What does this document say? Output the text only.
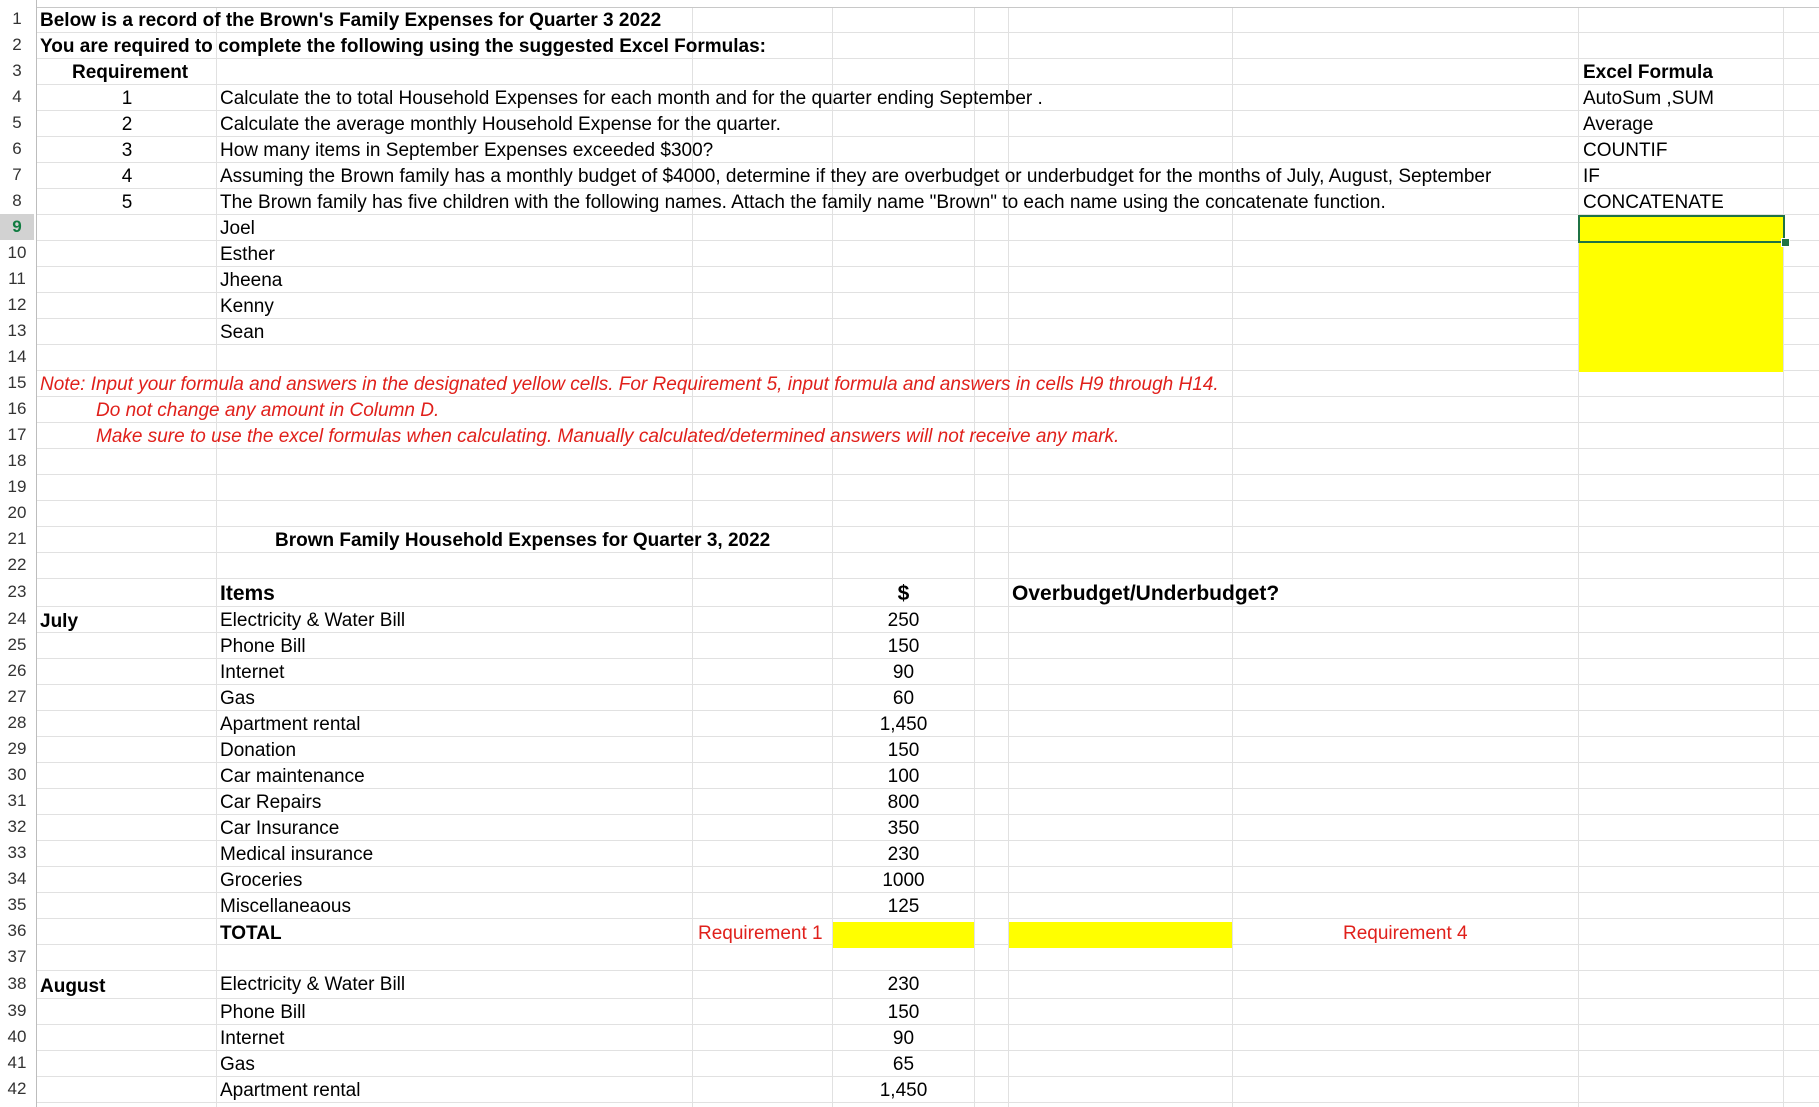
1
2
3
4
5
6
7
8
9
10
11
12
13
14
15
16
17
18
19
20
21
22
23
24
25
26
27
28
29
30
31
32
33
34
35
36
37
38
39
40
41
42
Below is a record of the Brown's Family Expenses for Quarter 3 2022
You are required to complete the following using the suggested Excel Formulas:
Requirement	Excel Formula
1	Calculate the to total Household Expenses for each month and for the quarter ending September .	AutoSum ,SUM
2	Calculate the average monthly Household Expense for the quarter.	Average
3	How many items in September Expenses exceeded $300?	COUNTIF
4	Assuming the Brown family has a monthly budget of $4000, determine if they are overbudget or underbudget for the months of July, August, September	IF
5	The Brown family has five children with the following names. Attach the family name "Brown" to each name using the concatenate function.	CONCATENATE
Joel
Esther
Jheena
Kenny
Sean
Note: Input your formula and answers in the designated yellow cells. For Requirement 5, input formula and answers in cells H9 through H14.
Do not change any amount in Column D.
Make sure to use the excel formulas when calculating. Manually calculated/determined answers will not receive any mark.
Brown Family Household Expenses for Quarter 3, 2022
Items	$	Overbudget/Underbudget?
July	Electricity & Water Bill	250
Phone Bill	150
Internet	90
Gas	60
Apartment rental	1,450
Donation	150
Car maintenance	100
Car Repairs	800
Car Insurance	350
Medical insurance	230
Groceries	1000
Miscellaneaous	125
TOTAL	Requirement 1	Requirement 4
August	Electricity & Water Bill	230
Phone Bill	150
Internet	90
Gas	65
Apartment rental	1,450
